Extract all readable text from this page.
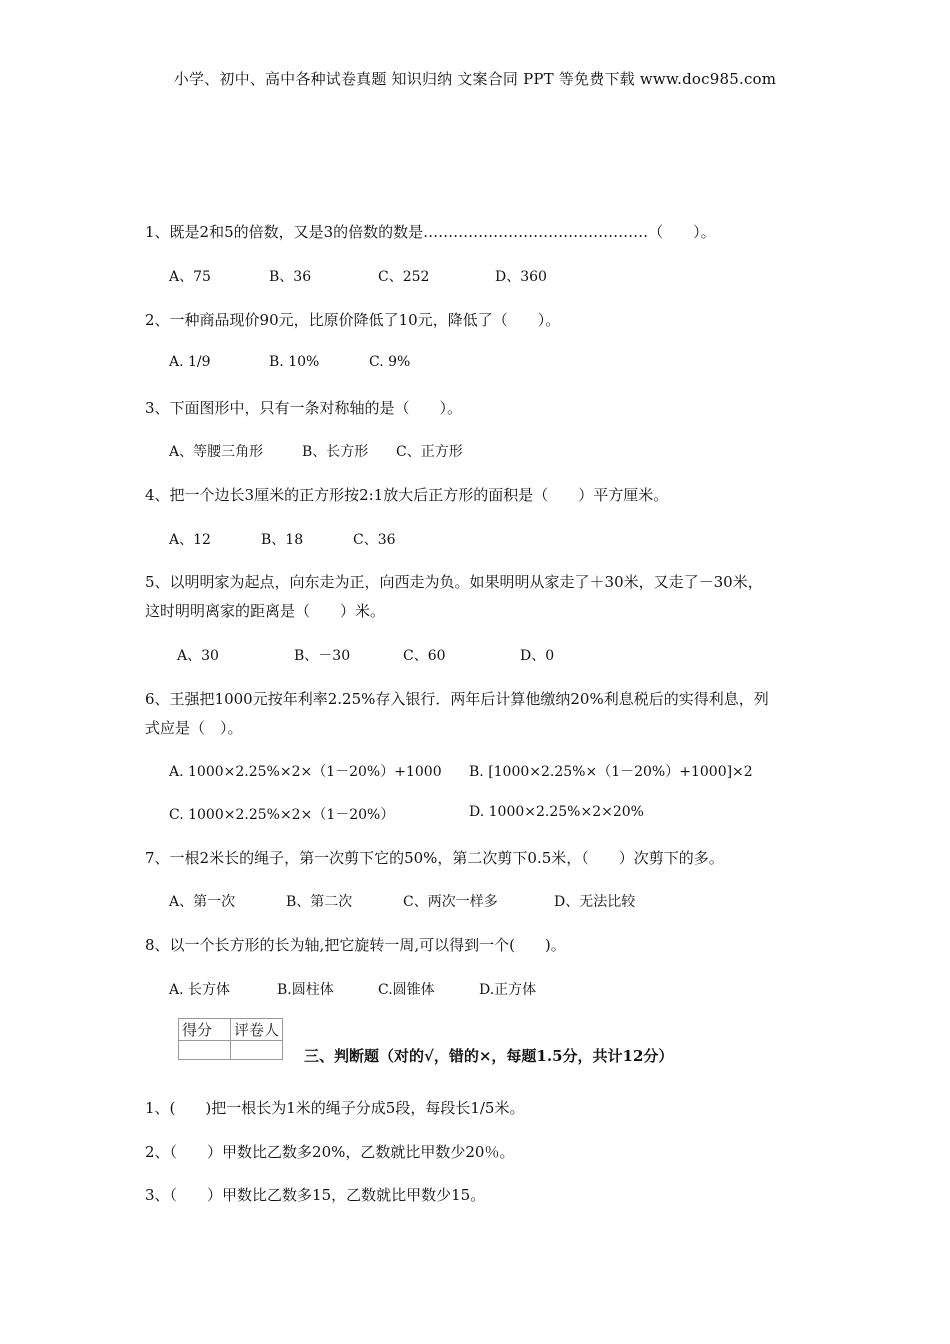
小学、初中、高中各种试卷真题 知识归纳 文案合同 PPT 等免费下载 www.doc985.com
1、既是2和5的倍数，又是3的倍数的数是………………………………………（　　）。
A、75	B、36	C、252	D、360
2、一种商品现价90元，比原价降低了10元，降低了（　　）。
A. 1/9	B. 10%	C. 9%
3、下面图形中，只有一条对称轴的是（　　）。
A、等腰三角形	B、长方形 C、正方形
4、把一个边长3厘米的正方形按2:1放大后正方形的面积是（　　）平方厘米。
A、12	B、18	C、36
5、以明明家为起点，向东走为正，向西走为负。如果明明从家走了＋30米，又走了－30米，
这时明明离家的距离是（　　）米。
A、30	B、－30	C、60	D、0
6、王强把1000元按年利率2.25%存入银行．两年后计算他缴纳20%利息税后的实得利息，列
式应是（　）。
A. 1000×2.25%×2×（1－20%）+1000 B. [1000×2.25%×（1－20%）+1000]×2
C. 1000×2.25%×2×（1－20%）	D. 1000×2.25%×2×20%
7、一根2米长的绳子，第一次剪下它的50%，第二次剪下0.5米，（　　）次剪下的多。
A、第一次	B、第二次	C、两次一样多	D、无法比较
8、以一个长方形的长为轴,把它旋转一周,可以得到一个(　　)。
A. 长方体	B.圆柱体	C.圆锥体	D.正方体
得分	评卷人

三、判断题（对的√，错的×，每题1.5分，共计12分）
1、(　　)把一根长为1米的绳子分成5段，每段长1/5米。
2、（　　）甲数比乙数多20%，乙数就比甲数少20％。
3、（　　）甲数比乙数多15，乙数就比甲数少15。
